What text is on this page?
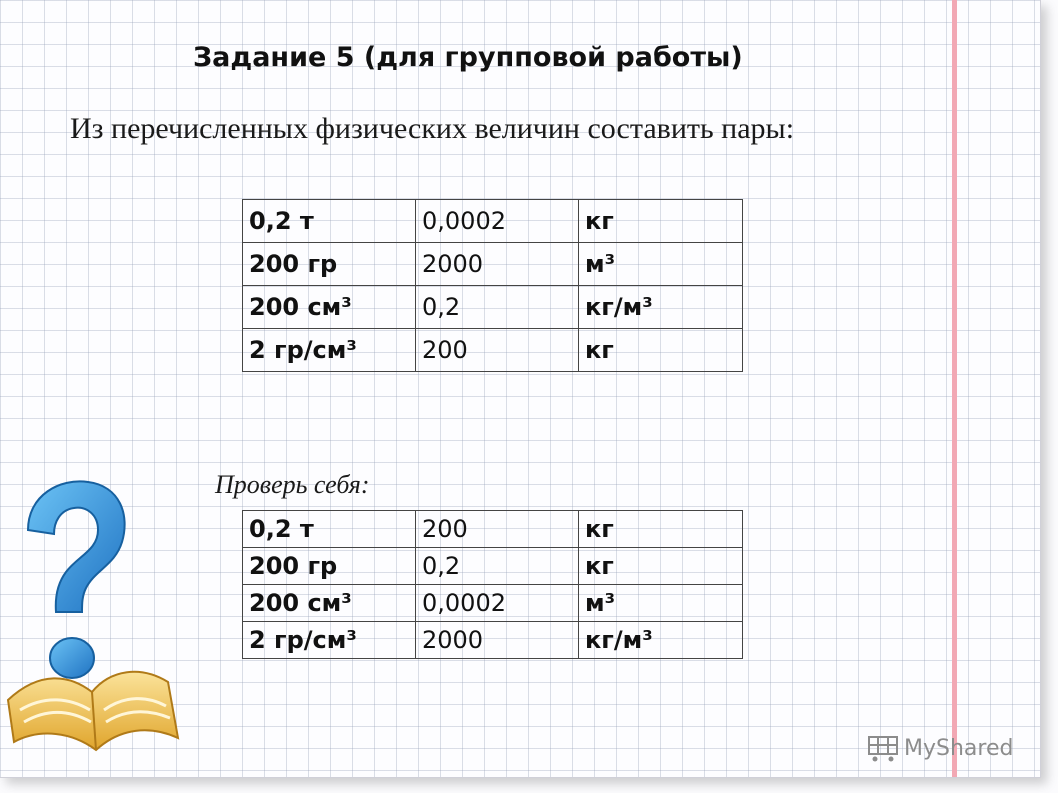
Задание 5 (для групповой работы)
Из перечисленных физических величин составить пары:
0,2 т	0,0002	кг
200 гр	2000	м³
200 см³	0,2	кг/м³
2 гр/см³	200	кг
Проверь себя:
0,2 т	200	кг
200 гр	0,2	кг
200 см³	0,0002	м³
2 гр/см³	2000	кг/м³
MyShared
